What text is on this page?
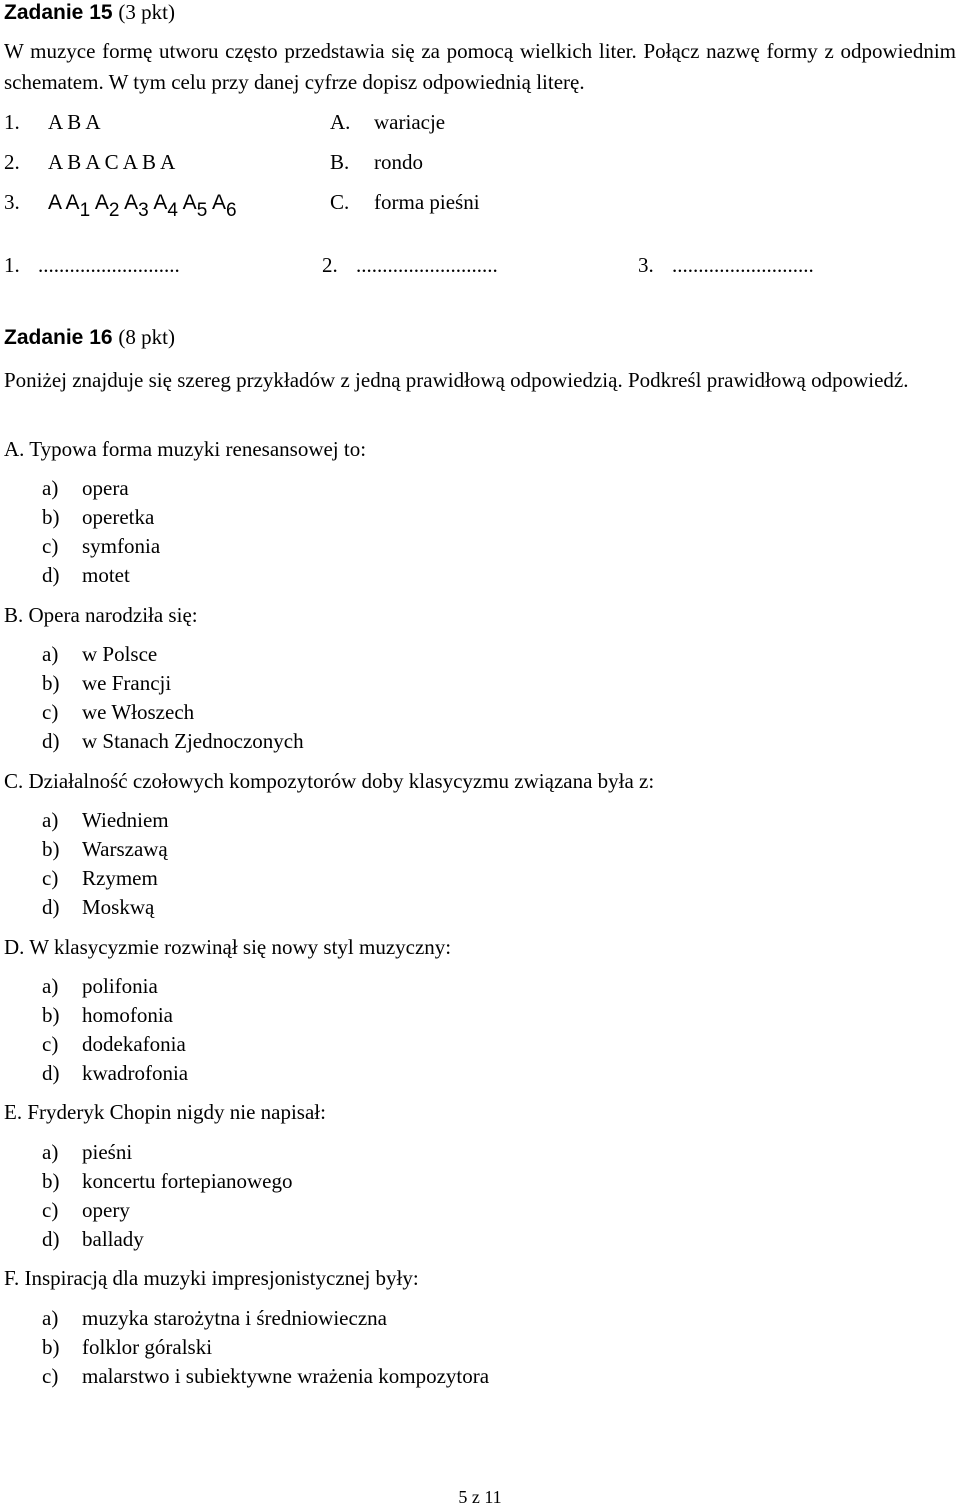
Zadanie 15 (3 pkt)
W muzyce formę utworu często przedstawia się za pomocą wielkich liter. Połącz nazwę formy z odpowiednim schematem. W tym celu przy danej cyfrze dopisz odpowiednią literę.
1. A B A
2. A B A C A B A
3. A $A_1$ $A_2$ $A_3$ $A_4$ $A_5$ $A_6$
A. wariacje
B. rondo
C. forma pieśni
1. ...........................	2. ...........................	3. ...........................
Zadanie 16 (8 pkt)
Poniżej znajduje się szereg przykładów z jedną prawidłową odpowiedzią. Podkreśl prawidłową odpowiedź.
A. Typowa forma muzyki renesansowej to:
a) opera
b) operetka
c) symfonia
d) motet
B. Opera narodziła się:
a) w Polsce
b) we Francji
c) we Włoszech
d) w Stanach Zjednoczonych
C. Działalność czołowych kompozytorów doby klasycyzmu związana była z:
a) Wiedniem
b) Warszawą
c) Rzymem
d) Moskwą
D. W klasycyzmie rozwinął się nowy styl muzyczny:
a) polifonia
b) homofonia
c) dodekafonia
d) kwadrofonia
E. Fryderyk Chopin nigdy nie napisał:
a) pieśni
b) koncertu fortepianowego
c) opery
d) ballady
F. Inspiracją dla muzyki impresjonistycznej były:
a) muzyka starożytna i średniowieczna
b) folklor góralski
c) malarstwo i subiektywne wrażenia kompozytora
5 z 11
